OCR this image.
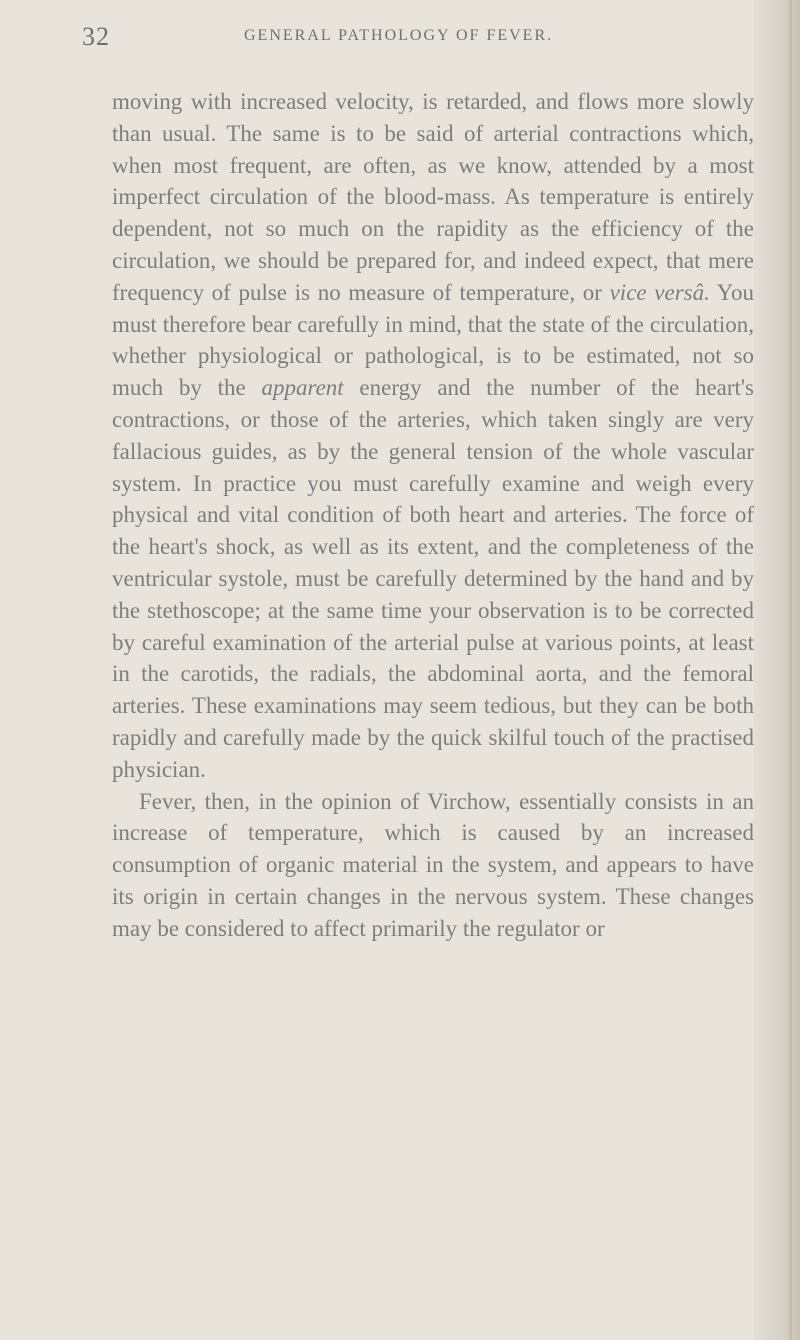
32	GENERAL PATHOLOGY OF FEVER.

moving with increased velocity, is retarded, and flows more slowly than usual. The same is to be said of arterial contractions which, when most frequent, are often, as we know, attended by a most imperfect circulation of the blood-mass. As temperature is entirely dependent, not so much on the rapidity as the efficiency of the circulation, we should be prepared for, and indeed expect, that mere frequency of pulse is no measure of temperature, or vice versâ. You must therefore bear carefully in mind, that the state of the circulation, whether physiological or pathological, is to be estimated, not so much by the apparent energy and the number of the heart's contractions, or those of the arteries, which taken singly are very fallacious guides, as by the general tension of the whole vascular system. In practice you must carefully examine and weigh every physical and vital condition of both heart and arteries. The force of the heart's shock, as well as its extent, and the completeness of the ventricular systole, must be carefully determined by the hand and by the stethoscope; at the same time your observation is to be corrected by careful examination of the arterial pulse at various points, at least in the carotids, the radials, the abdominal aorta, and the femoral arteries. These examinations may seem tedious, but they can be both rapidly and carefully made by the quick skilful touch of the practised physician.

Fever, then, in the opinion of Virchow, essentially consists in an increase of temperature, which is caused by an increased consumption of organic material in the system, and appears to have its origin in certain changes in the nervous system. These changes may be considered to affect primarily the regulator or
